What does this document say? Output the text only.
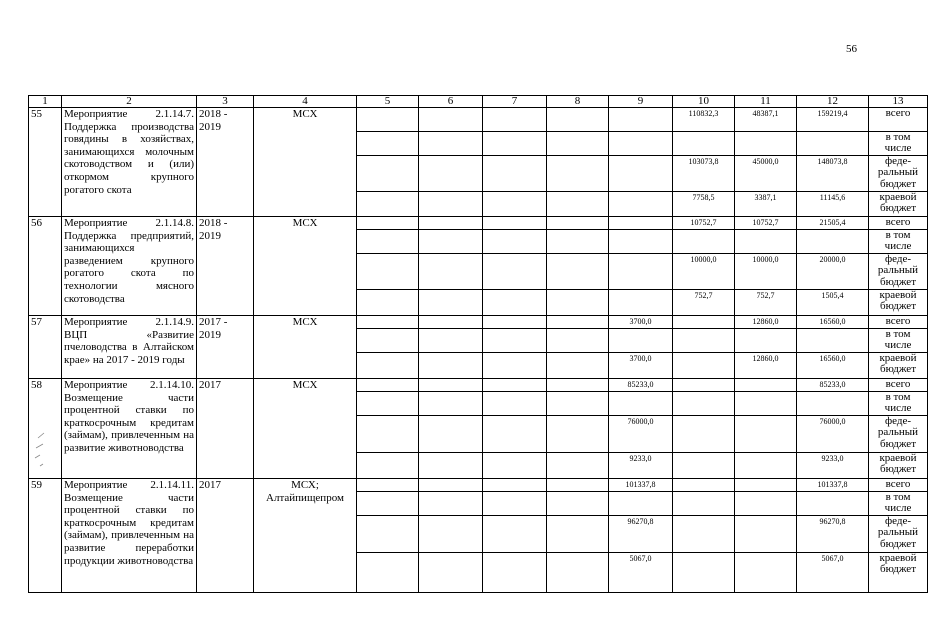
56
1	2	3	4	5	6	7	8	9	10	11	12	13
55	Мероприятие 2.1.14.7. Поддержка производства говядины в хозяйствах, занимающихся молочным скотоводством и (или) откормом крупного рогатого скота	2018 - 2019	МСХ						110832,3	48387,1	159219,4	всего
												в том числе
									103073,8	45000,0	148073,8	феде-ральный бюджет
									7758,5	3387,1	11145,6	краевой бюджет
56	Мероприятие 2.1.14.8. Поддержка предприятий, занимающихся разведением крупного рогатого скота по технологии мясного скотоводства	2018 - 2019	МСХ						10752,7	10752,7	21505,4	всего
												в том числе
									10000,0	10000,0	20000,0	феде-ральный бюджет
									752,7	752,7	1505,4	краевой бюджет
57	Мероприятие 2.1.14.9. ВЦП «Развитие пчеловодства в Алтайском крае» на 2017 - 2019 годы	2017 - 2019	МСХ					3700,0		12860,0	16560,0	всего
												в том числе
								3700,0		12860,0	16560,0	краевой бюджет
58	Мероприятие 2.1.14.10. Возмещение части процентной ставки по краткосрочным кредитам (займам), привлеченным на развитие животноводства	2017	МСХ					85233,0			85233,0	всего
												в том числе
								76000,0			76000,0	феде-ральный бюджет
								9233,0			9233,0	краевой бюджет
59	Мероприятие 2.1.14.11. Возмещение части процентной ставки по краткосрочным кредитам (займам), привлеченным на развитие переработки продукции животноводства	2017	МСХ; Алтайпищепром					101337,8			101337,8	всего
												в том числе
								96270,8			96270,8	феде-ральный бюджет
								5067,0			5067,0	краевой бюджет
